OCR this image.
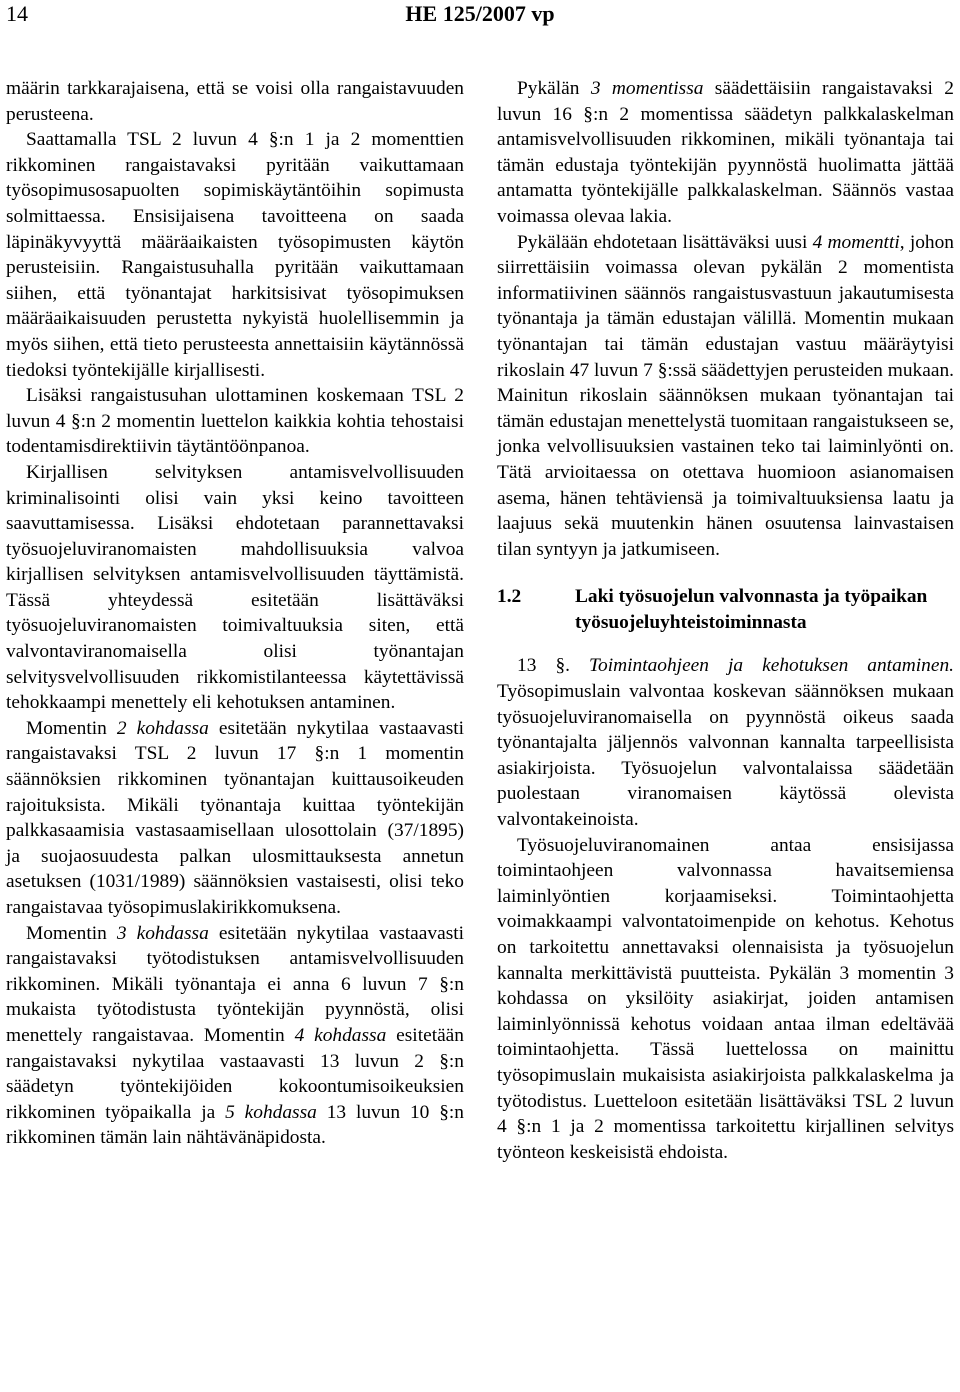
14	HE 125/2007 vp

määrin tarkkarajaisena, että se voisi olla rangaistavuuden perusteena.

Saattamalla TSL 2 luvun 4 §:n 1 ja 2 momenttien rikkominen rangaistavaksi pyritään vaikuttamaan työsopimusosapuolten sopimiskäytäntöihin sopimusta solmittaessa. Ensisijaisena tavoitteena on saada läpinäkyvyyttä määräaikaisten työsopimusten käytön perusteisiin. Rangaistusuhalla pyritään vaikuttamaan siihen, että työnantajat harkitsisivat työsopimuksen määräaikaisuuden perustetta nykyistä huolellisemmin ja myös siihen, että tieto perusteesta annettaisiin käytännössä tiedoksi työntekijälle kirjallisesti.

Lisäksi rangaistusuhan ulottaminen koskemaan TSL 2 luvun 4 §:n 2 momentin luettelon kaikkia kohtia tehostaisi todentamisdirektiivin täytäntöönpanoa.

Kirjallisen selvityksen antamisvelvollisuuden kriminalisointi olisi vain yksi keino tavoitteen saavuttamisessa. Lisäksi ehdotetaan parannettavaksi työsuojeluviranomaisten mahdollisuuksia valvoa kirjallisen selvityksen antamisvelvollisuuden täyttämistä. Tässä yhteydessä esitetään lisättäväksi työsuojeluviranomaisten toimivaltuuksia siten, että valvontaviranomaisella olisi työnantajan selvitysvelvollisuuden rikkomistilanteessa käytettävissä tehokkaampi menettely eli kehotuksen antaminen.

Momentin 2 kohdassa esitetään nykytilaa vastaavasti rangaistavaksi TSL 2 luvun 17 §:n 1 momentin säännöksien rikkominen työnantajan kuittausoikeuden rajoituksista. Mikäli työnantaja kuittaa työntekijän palkkasaamisia vastasaamisellaan ulosottolain (37/1895) ja suojaosuudesta palkan ulosmittauksesta annetun asetuksen (1031/1989) säännöksien vastaisesti, olisi teko rangaistavaa työsopimuslakirikkomuksena.

Momentin 3 kohdassa esitetään nykytilaa vastaavasti rangaistavaksi työtodistuksen antamisvelvollisuuden rikkominen. Mikäli työnantaja ei anna 6 luvun 7 §:n mukaista työtodistusta työntekijän pyynnöstä, olisi menettely rangaistavaa. Momentin 4 kohdassa esitetään rangaistavaksi nykytilaa vastaavasti 13 luvun 2 §:n säädetyn työntekijöiden kokoontumisoikeuksien rikkominen työpaikalla ja 5 kohdassa 13 luvun 10 §:n rikkominen tämän lain nähtävänäpidosta.

Pykälän 3 momentissa säädettäisiin rangaistavaksi 2 luvun 16 §:n 2 momentissa säädetyn palkkalaskelman antamisvelvollisuuden rikkominen, mikäli työnantaja tai tämän edustaja työntekijän pyynnöstä huolimatta jättää antamatta työntekijälle palkkalaskelman. Säännös vastaa voimassa olevaa lakia.

Pykälään ehdotetaan lisättäväksi uusi 4 momentti, johon siirrettäisiin voimassa olevan pykälän 2 momentista informatiivinen säännös rangaistusvastuun jakautumisesta työnantaja ja tämän edustajan välillä. Momentin mukaan työnantajan tai tämän edustajan vastuu määräytyisi rikoslain 47 luvun 7 §:ssä säädettyjen perusteiden mukaan. Mainitun rikoslain säännöksen mukaan työnantajan tai tämän edustajan menettelystä tuomitaan rangaistukseen se, jonka velvollisuuksien vastainen teko tai laiminlyönti on. Tätä arvioitaessa on otettava huomioon asianomaisen asema, hänen tehtäviensä ja toimivaltuuksiensa laatu ja laajuus sekä muutenkin hänen osuutensa lainvastaisen tilan syntyyn ja jatkumiseen.

1.2	Laki työsuojelun valvonnasta ja työpaikan työsuojeluyhteistoiminnasta

13 §. Toimintaohjeen ja kehotuksen antaminen. Työsopimuslain valvontaa koskevan säännöksen mukaan työsuojeluviranomaisella on pyynnöstä oikeus saada työnantajalta jäljennös valvonnan kannalta tarpeellisista asiakirjoista. Työsuojelun valvontalaissa säädetään puolestaan viranomaisen käytössä olevista valvontakeinoista.

Työsuojeluviranomainen antaa ensisijassa toimintaohjeen valvonnassa havaitsemiensa laiminlyöntien korjaamiseksi. Toimintaohjetta voimakkaampi valvontatoimenpide on kehotus. Kehotus on tarkoitettu annettavaksi olennaisista ja työsuojelun kannalta merkittävistä puutteista. Pykälän 3 momentin 3 kohdassa on yksilöity asiakirjat, joiden antamisen laiminlyönnissä kehotus voidaan antaa ilman edeltävää toimintaohjetta. Tässä luettelossa on mainittu työsopimuslain mukaisista asiakirjoista palkkalaskelma ja työtodistus. Luetteloon esitetään lisättäväksi TSL 2 luvun 4 §:n 1 ja 2 momentissa tarkoitettu kirjallinen selvitys työnteon keskeisistä ehdoista.
